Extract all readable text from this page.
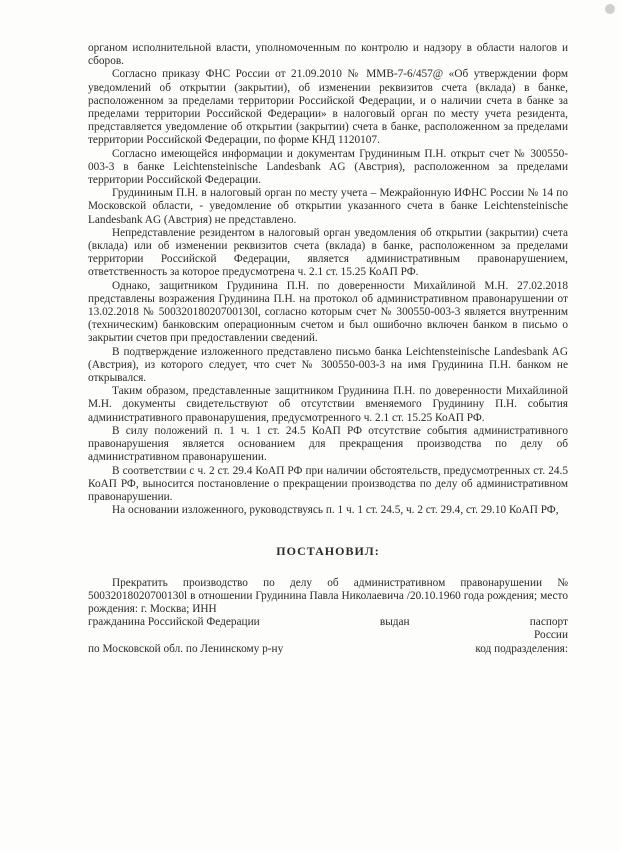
органом исполнительной власти, уполномоченным по контролю и надзору в области налогов и сборов.

Согласно приказу ФНС России от 21.09.2010 № ММВ-7-6/457@ «Об утверждении форм уведомлений об открытии (закрытии), об изменении реквизитов счета (вклада) в банке, расположенном за пределами территории Российской Федерации, и о наличии счета в банке за пределами территории Российской Федерации» в налоговый орган по месту учета резидента, представляется уведомление об открытии (закрытии) счета в банке, расположенном за пределами территории Российской Федерации, по форме КНД 1120107.

Согласно имеющейся информации и документам Грудининым П.Н. открыт счет № 300550-003-3 в банке Leichtensteinische Landesbank AG (Австрия), расположенном за пределами территории Российской Федерации.

Грудининым П.Н. в налоговый орган по месту учета – Межрайонную ИФНС России № 14 по Московской области, - уведомление об открытии указанного счета в банке Leichtensteinische Landesbank AG (Австрия) не представлено.

Непредставление резидентом в налоговый орган уведомления об открытии (закрытии) счета (вклада) или об изменении реквизитов счета (вклада) в банке, расположенном за пределами территории Российской Федерации, является административным правонарушением, ответственность за которое предусмотрена ч. 2.1 ст. 15.25 КоАП РФ.

Однако, защитником Грудинина П.Н. по доверенности Михайлиной М.Н. 27.02.2018 представлены возражения Грудинина П.Н. на протокол об административном правонарушении от 13.02.2018 № 50032018020700130l, согласно которым счет № 300550-003-3 является внутренним (техническим) банковским операционным счетом и был ошибочно включен банком в письмо о закрытии счетов при предоставлении сведений.

В подтверждение изложенного представлено письмо банка Leichtensteinische Landesbank AG (Австрия), из которого следует, что счет № 300550-003-3 на имя Грудинина П.Н. банком не открывался.

Таким образом, представленные защитником Грудинина П.Н. по доверенности Михайлиной М.Н. документы свидетельствуют об отсутствии вменяемого Грудинину П.Н. события административного правонарушения, предусмотренного ч. 2.1 ст. 15.25 КоАП РФ.

В силу положений п. 1 ч. 1 ст. 24.5 КоАП РФ отсутствие события административного правонарушения является основанием для прекращения производства по делу об административном правонарушении.

В соответствии с ч. 2 ст. 29.4 КоАП РФ при наличии обстоятельств, предусмотренных ст. 24.5 КоАП РФ, выносится постановление о прекращении производства по делу об административном правонарушении.

На основании изложенного, руководствуясь п. 1 ч. 1 ст. 24.5, ч. 2 ст. 29.4, ст. 29.10 КоАП РФ,

ПОСТАНОВИЛ:

Прекратить производство по делу об административном правонарушении № 50032018020700130l в отношении Грудинина Павла Николаевича /20.10.1960 года рождения; место рождения: г. Москва; ИНН

гражданина Российской Федерации	выдан	паспорт
России
по Московской обл. по Ленинскому р-ну	код подразделения:
